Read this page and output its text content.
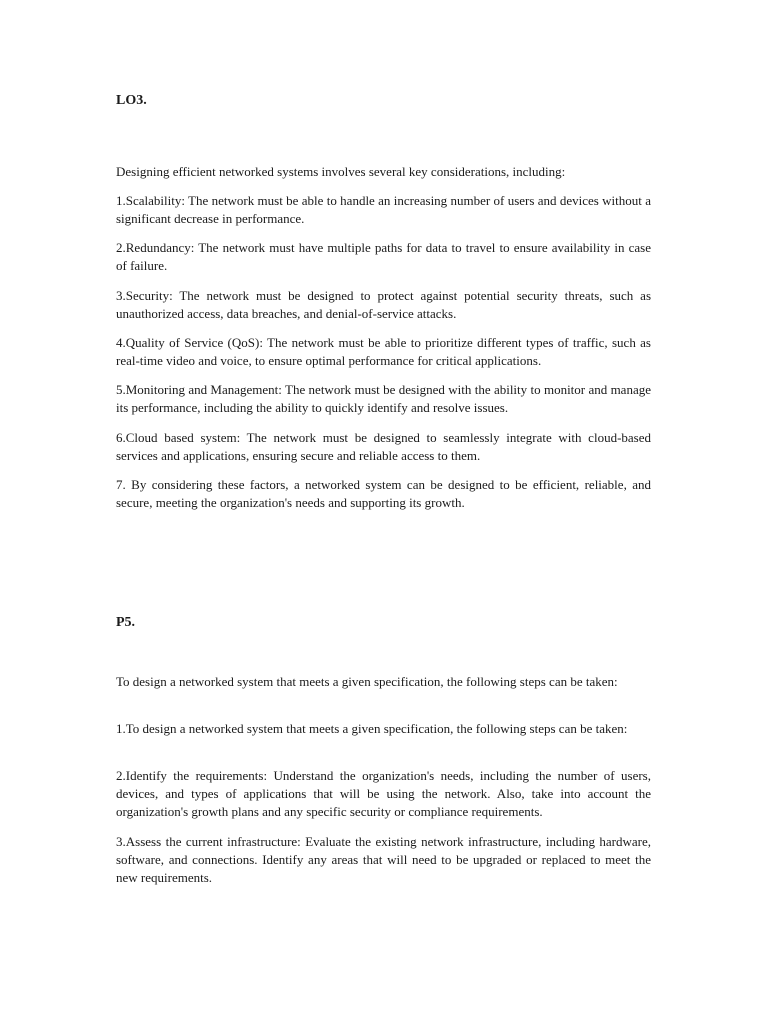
LO3.

Designing efficient networked systems involves several key considerations, including:

1.Scalability: The network must be able to handle an increasing number of users and devices without a significant decrease in performance.

2.Redundancy: The network must have multiple paths for data to travel to ensure availability in case of failure.

3.Security: The network must be designed to protect against potential security threats, such as unauthorized access, data breaches, and denial-of-service attacks.

4.Quality of Service (QoS): The network must be able to prioritize different types of traffic, such as real-time video and voice, to ensure optimal performance for critical applications.

5.Monitoring and Management: The network must be designed with the ability to monitor and manage its performance, including the ability to quickly identify and resolve issues.

6.Cloud based system: The network must be designed to seamlessly integrate with cloud-based services and applications, ensuring secure and reliable access to them.

7. By considering these factors, a networked system can be designed to be efficient, reliable, and secure, meeting the organization's needs and supporting its growth.

P5.

To design a networked system that meets a given specification, the following steps can be taken:

1.To design a networked system that meets a given specification, the following steps can be taken:

2.Identify the requirements: Understand the organization's needs, including the number of users, devices, and types of applications that will be using the network. Also, take into account the organization's growth plans and any specific security or compliance requirements.

3.Assess the current infrastructure: Evaluate the existing network infrastructure, including hardware, software, and connections. Identify any areas that will need to be upgraded or replaced to meet the new requirements.
